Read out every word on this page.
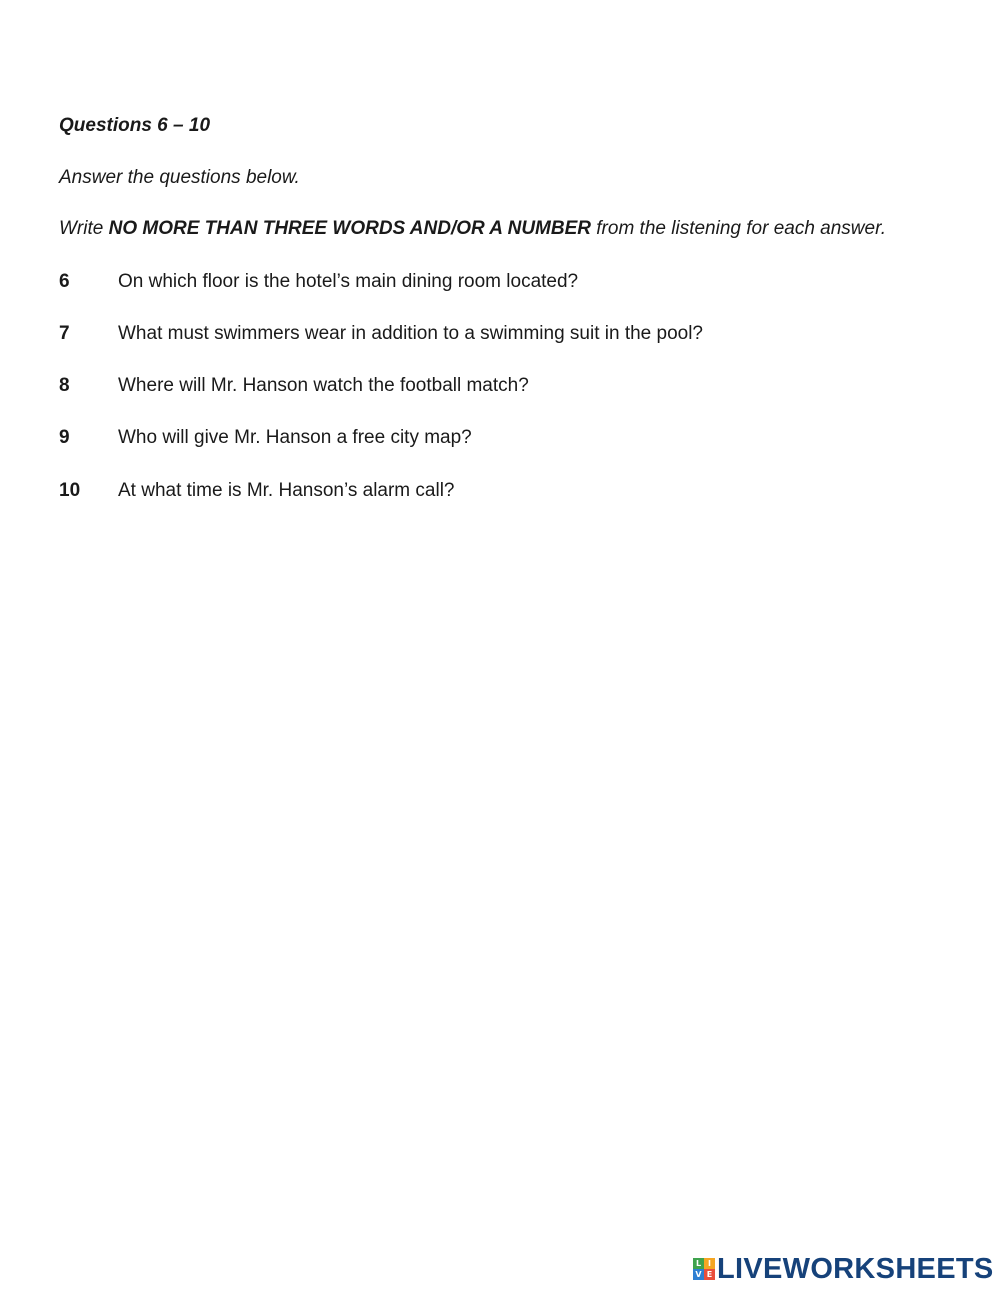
Questions 6 – 10

Answer the questions below.

Write NO MORE THAN THREE WORDS AND/OR A NUMBER from the listening for each answer.

6	On which floor is the hotel’s main dining room located?
7	What must swimmers wear in addition to a swimming suit in the pool?
8	Where will Mr. Hanson watch the football match?
9	Who will give Mr. Hanson a free city map?
10 At what time is Mr. Hanson’s alarm call?
L I
V E LIVEWORKSHEETS
